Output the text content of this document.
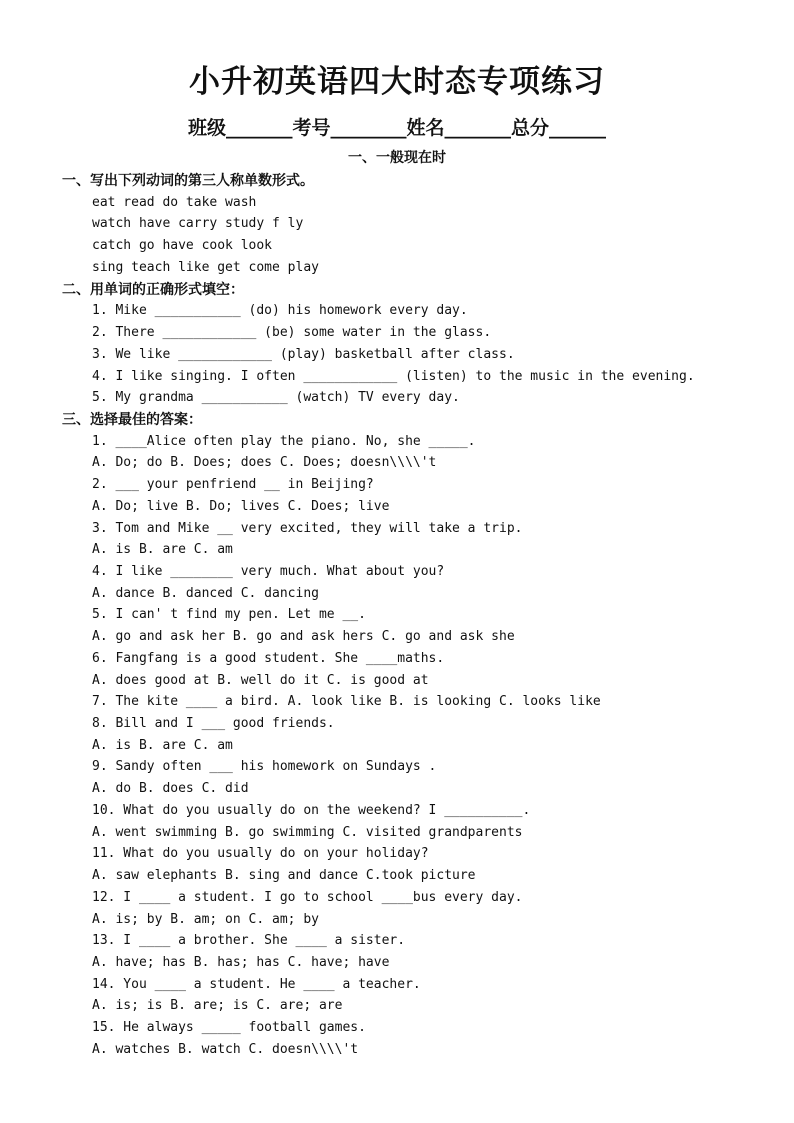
小升初英语四大时态专项练习
班级_______考号________姓名_______总分______
一、一般现在时
一、写出下列动词的第三人称单数形式。
eat read do take wash
watch have carry study f ly
catch go have cook look
sing teach like get come play
二、用单词的正确形式填空：
1. Mike ___________ (do) his homework every day.
2. There ____________ (be) some water in the glass.
3. We like ____________ (play) basketball after class.
4. I like singing. I often ____________ (listen) to the music in the evening.
5. My grandma ___________ (watch) TV every day.
三、选择最佳的答案：
1. ____Alice often play the piano. No, she _____.
A. Do; do B. Does; does C. Does; doesn\\\\'t
2. ___ your penfriend __ in Beijing?
A. Do; live B. Do; lives C. Does; live
3. Tom and Mike __ very excited, they will take a trip.
A. is B. are C. am
4. I like ________ very much. What about you?
A. dance B. danced C. dancing
5. I can' t find my pen. Let me __.
A. go and ask her B. go and ask hers C. go and ask she
6. Fangfang is a good student. She ____maths.
A. does good at B. well do it C. is good at
7. The kite ____ a bird. A. look like B. is looking C. looks like
8. Bill and I ___ good friends.
A. is B. are C. am
9. Sandy often ___ his homework on Sundays .
A. do B. does C. did
10. What do you usually do on the weekend? I __________.
A. went swimming B. go swimming C. visited grandparents
11. What do you usually do on your holiday?
A. saw elephants B. sing and dance C.took picture
12. I ____ a student. I go to school ____bus every day.
A. is; by B. am; on C. am; by
13. I ____ a brother. She ____ a sister.
A. have; has B. has; has C. have; have
14. You ____ a student. He ____ a teacher.
A. is; is B. are; is C. are; are
15. He always _____ football games.
A. watches B. watch C. doesn\\\\'t
